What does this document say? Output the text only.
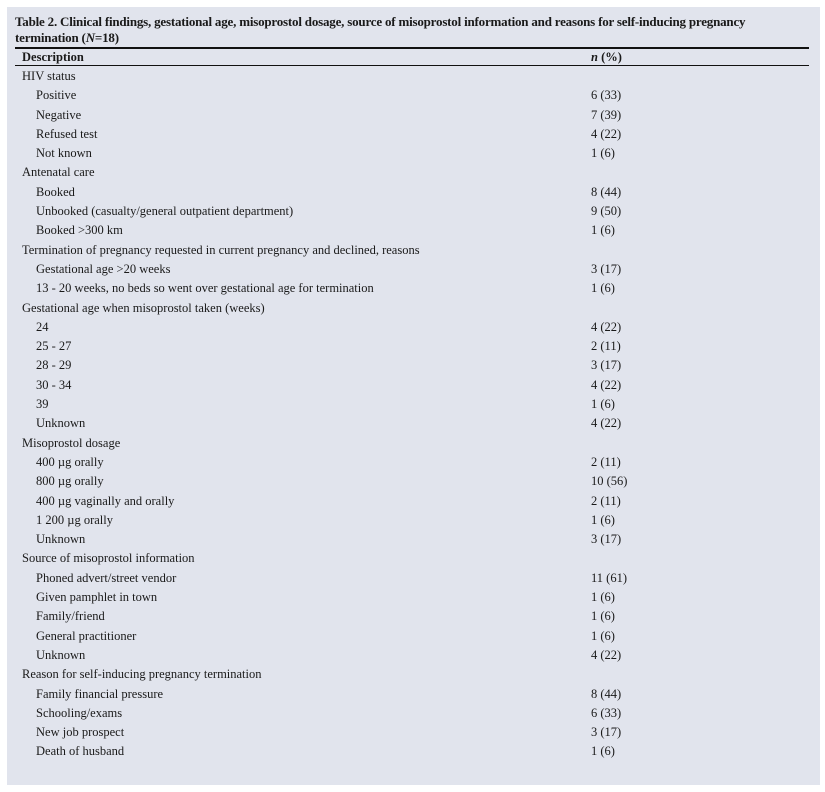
Table 2. Clinical findings, gestational age, misoprostol dosage, source of misoprostol information and reasons for self-inducing pregnancy termination (N=18)
Description	n (%)
HIV status
Positive	6 (33)
Negative	7 (39)
Refused test	4 (22)
Not known	1 (6)
Antenatal care
Booked	8 (44)
Unbooked (casualty/general outpatient department)	9 (50)
Booked >300 km	1 (6)
Termination of pregnancy requested in current pregnancy and declined, reasons
Gestational age >20 weeks	3 (17)
13 - 20 weeks, no beds so went over gestational age for termination	1 (6)
Gestational age when misoprostol taken (weeks)
24	4 (22)
25 - 27	2 (11)
28 - 29	3 (17)
30 - 34	4 (22)
39	1 (6)
Unknown	4 (22)
Misoprostol dosage
400 µg orally	2 (11)
800 µg orally	10 (56)
400 µg vaginally and orally	2 (11)
1 200 µg orally	1 (6)
Unknown	3 (17)
Source of misoprostol information
Phoned advert/street vendor	11 (61)
Given pamphlet in town	1 (6)
Family/friend	1 (6)
General practitioner	1 (6)
Unknown	4 (22)
Reason for self-inducing pregnancy termination
Family financial pressure	8 (44)
Schooling/exams	6 (33)
New job prospect	3 (17)
Death of husband	1 (6)
